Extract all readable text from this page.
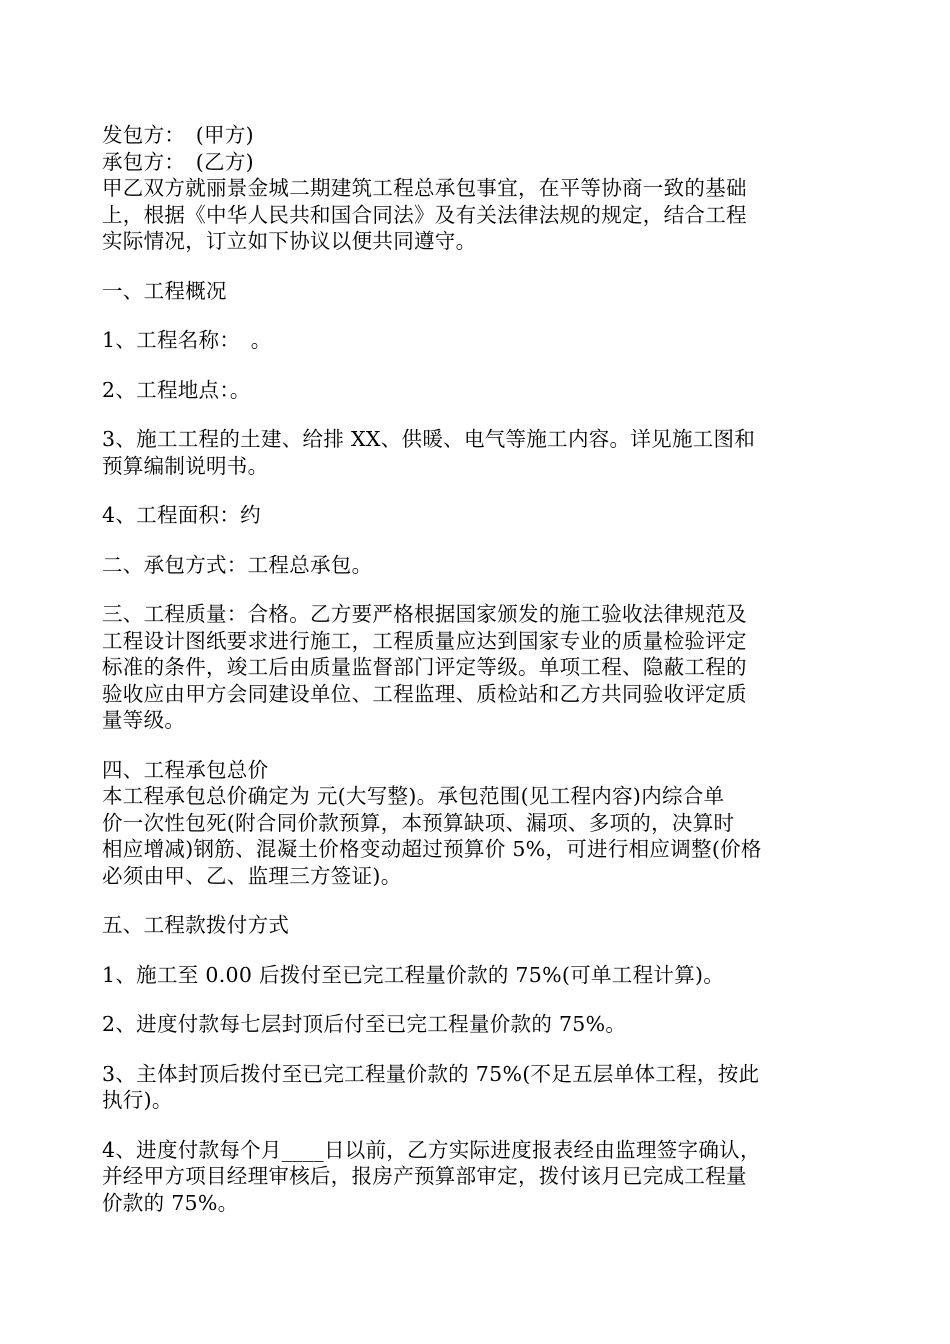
发包方：　(甲方)

承包方：　(乙方)

甲乙双方就丽景金城二期建筑工程总承包事宜，在平等协商一致的基础

上，根据《中华人民共和国合同法》及有关法律法规的规定，结合工程

实际情况，订立如下协议以便共同遵守。

一、工程概况

1、工程名称：　。

2、工程地点：。

3、施工工程的土建、给排 XX、供暖、电气等施工内容。详见施工图和

预算编制说明书。

4、工程面积：约

二、承包方式：工程总承包。

三、工程质量：合格。乙方要严格根据国家颁发的施工验收法律规范及

工程设计图纸要求进行施工，工程质量应达到国家专业的质量检验评定

标准的条件，竣工后由质量监督部门评定等级。单项工程、隐蔽工程的

验收应由甲方会同建设单位、工程监理、质检站和乙方共同验收评定质

量等级。

四、工程承包总价

本工程承包总价确定为 元(大写整)。承包范围(见工程内容)内综合单

价一次性包死(附合同价款预算，本预算缺项、漏项、多项的，决算时

相应增减)钢筋、混凝土价格变动超过预算价 5%，可进行相应调整(价格

必须由甲、乙、监理三方签证)。

五、工程款拨付方式

1、施工至 0.00 后拨付至已完工程量价款的 75%(可单工程计算)。

2、进度付款每七层封顶后付至已完工程量价款的 75%。

3、主体封顶后拨付至已完工程量价款的 75%(不足五层单体工程，按此

执行)。

4、进度付款每个月____日以前，乙方实际进度报表经由监理签字确认，

并经甲方项目经理审核后，报房产预算部审定，拨付该月已完成工程量

价款的 75%。
